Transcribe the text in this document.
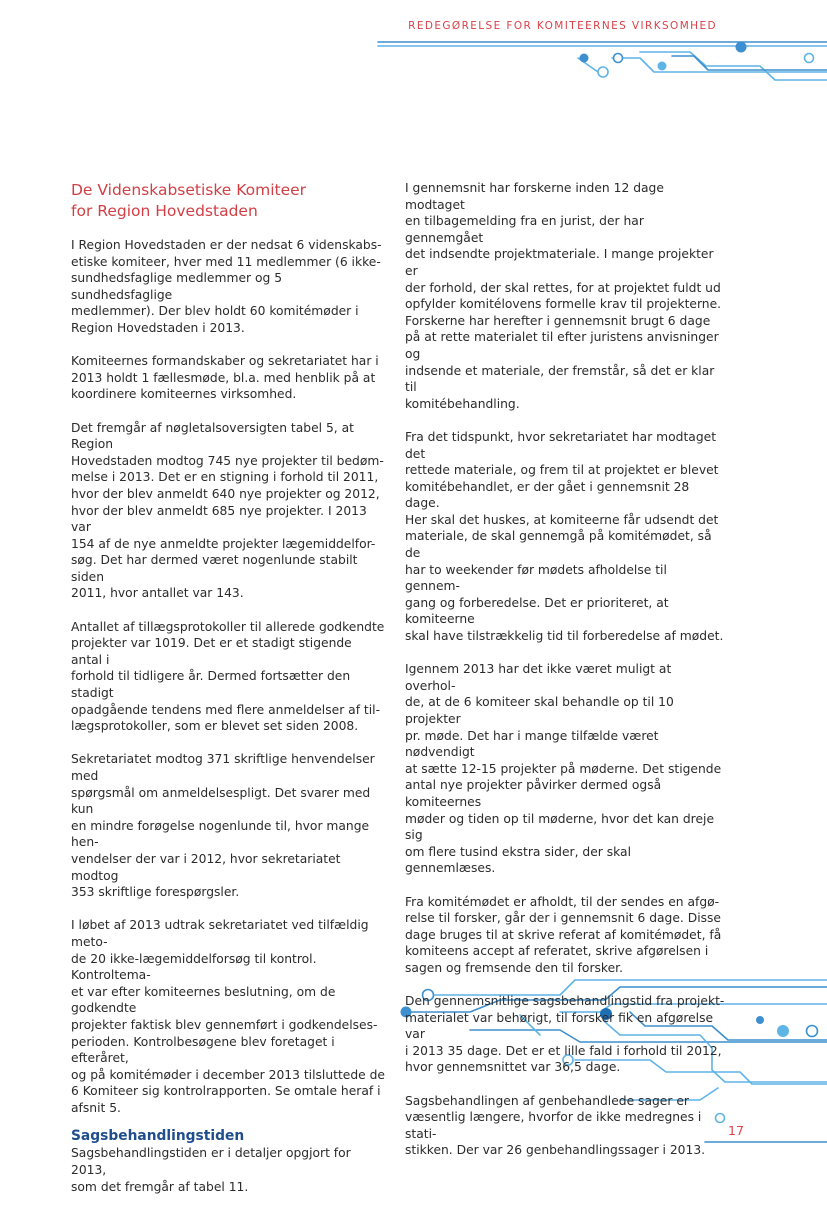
REDEGØRELSE FOR KOMITEERNES VIRKSOMHED
De Videnskabsetiske Komiteer
for Region Hovedstaden

I Region Hovedstaden er der nedsat 6 videnskabs-
etiske komiteer, hver med 11 medlemmer (6 ikke-
sundhedsfaglige medlemmer og 5 sundhedsfaglige
medlemmer). Der blev holdt 60 komitémøder i
Region Hovedstaden i 2013.

Komiteernes formandskaber og sekretariatet har i
2013 holdt 1 fællesmøde, bl.a. med henblik på at
koordinere komiteernes virksomhed.

Det fremgår af nøgletalsoversigten tabel 5, at Region
Hovedstaden modtog 745 nye projekter til bedøm-
melse i 2013. Det er en stigning i forhold til 2011,
hvor der blev anmeldt 640 nye projekter og 2012,
hvor der blev anmeldt 685 nye projekter. I 2013 var
154 af de nye anmeldte projekter lægemiddelfor-
søg. Det har dermed været nogenlunde stabilt siden
2011, hvor antallet var 143.

Antallet af tillægsprotokoller til allerede godkendte
projekter var 1019. Det er et stadigt stigende antal i
forhold til tidligere år. Dermed fortsætter den stadigt
opadgående tendens med flere anmeldelser af til-
lægsprotokoller, som er blevet set siden 2008.

Sekretariatet modtog 371 skriftlige henvendelser med
spørgsmål om anmeldelsespligt. Det svarer med kun
en mindre forøgelse nogenlunde til, hvor mange hen-
vendelser der var i 2012, hvor sekretariatet modtog
353 skriftlige forespørgsler.

I løbet af 2013 udtrak sekretariatet ved tilfældig meto-
de 20 ikke-lægemiddelforsøg til kontrol. Kontroltema-
et var efter komiteernes beslutning, om de godkendte
projekter faktisk blev gennemført i godkendelses-
perioden. Kontrolbesøgene blev foretaget i efteråret,
og på komitémøder i december 2013 tilsluttede de
6 Komiteer sig kontrolrapporten. Se omtale heraf i
afsnit 5.

Sagsbehandlingstiden

Sagsbehandlingstiden er i detaljer opgjort for 2013,
som det fremgår af tabel 11.

I gennemsnit har forskerne inden 12 dage modtaget
en tilbagemelding fra en jurist, der har gennemgået
det indsendte projektmateriale. I mange projekter er
der forhold, der skal rettes, for at projektet fuldt ud
opfylder komitélovens formelle krav til projekterne.
Forskerne har herefter i gennemsnit brugt 6 dage
på at rette materialet til efter juristens anvisninger og
indsende et materiale, der fremstår, så det er klar til
komitébehandling.

Fra det tidspunkt, hvor sekretariatet har modtaget det
rettede materiale, og frem til at projektet er blevet
komitébehandlet, er der gået i gennemsnit 28 dage.
Her skal det huskes, at komiteerne får udsendt det
materiale, de skal gennemgå på komitémødet, så de
har to weekender før mødets afholdelse til gennem-
gang og forberedelse. Det er prioriteret, at komiteerne
skal have tilstrækkelig tid til forberedelse af mødet.

Igennem 2013 har det ikke været muligt at overhol-
de, at de 6 komiteer skal behandle op til 10 projekter
pr. møde. Det har i mange tilfælde været nødvendigt
at sætte 12-15 projekter på møderne. Det stigende
antal nye projekter påvirker dermed også komiteernes
møder og tiden op til møderne, hvor det kan dreje sig
om flere tusind ekstra sider, der skal gennemlæses.

Fra komitémødet er afholdt, til der sendes en afgø-
relse til forsker, går der i gennemsnit 6 dage. Disse
dage bruges til at skrive referat af komitémødet, få
komiteens accept af referatet, skrive afgørelsen i
sagen og fremsende den til forsker.

Den gennemsnitlige sagsbehandlingstid fra projekt-
materialet var behørigt, til forsker fik en afgørelse var
i 2013 35 dage. Det er et lille fald i forhold til 2012,
hvor gennemsnittet var 36,5 dage.

Sagsbehandlingen af genbehandlede sager er
væsentlig længere, hvorfor de ikke medregnes i stati-
stikken. Der var 26 genbehandlingssager i 2013.

17
